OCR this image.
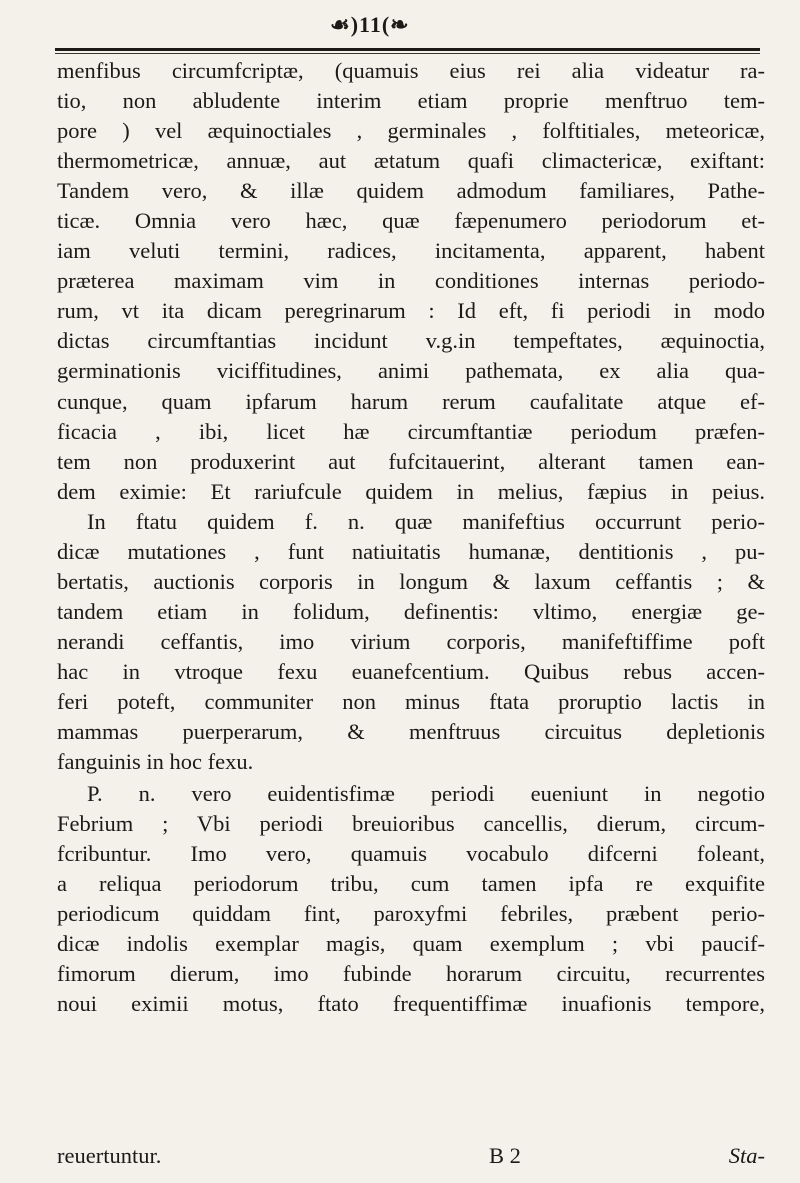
☙)11(❧
menfibus circumfcriptæ, (quamuis eius rei alia videatur ra-
tio, non abludente interim etiam proprie menftruo tem-
pore ) vel æquinoctiales , germinales , folftitiales, meteoricæ,
thermometricæ, annuæ, aut ætatum quafi climactericæ, exiftant:
Tandem vero, & illæ quidem admodum familiares, Pathe-
ticæ. Omnia vero hæc, quæ fæpenumero periodorum et-
iam veluti termini, radices, incitamenta, apparent, habent
præterea maximam vim in conditiones internas periodo-
rum, vt ita dicam peregrinarum : Id eft, fi periodi in modo
dictas circumftantias incidunt v.g.in tempeftates, æquinoctia,
germinationis viciffitudines, animi pathemata, ex alia qua-
cunque, quam ipfarum harum rerum caufalitate atque ef-
ficacia , ibi, licet hæ circumftantiæ periodum præfen-
tem non produxerint aut fufcitauerint, alterant tamen ean-
dem eximie: Et rariufcule quidem in melius, fæpius in peius.
In ftatu quidem f. n. quæ manifeftius occurrunt perio-
dicæ mutationes , funt natiuitatis humanæ, dentitionis , pu-
bertatis, auctionis corporis in longum & laxum ceffantis ; &
tandem etiam in folidum, definentis: vltimo, energiæ ge-
nerandi ceffantis, imo virium corporis, manifeftiffime poft
hac in vtroque fexu euanefcentium. Quibus rebus accen-
feri poteft, communiter non minus ftata proruptio lactis in
mammas puerperarum, & menftruus circuitus depletionis
fanguinis in hoc fexu.
P. n. vero euidentisfimæ periodi eueniunt in negotio
Febrium ; Vbi periodi breuioribus cancellis, dierum, circum-
fcribuntur. Imo vero, quamuis vocabulo difcerni foleant,
a reliqua periodorum tribu, cum tamen ipfa re exquifite
periodicum quiddam fint, paroxyfmi febriles, præbent perio-
dicæ indolis exemplar magis, quam exemplum ; vbi paucif-
fimorum dierum, imo fubinde horarum circuitu, recurrentes
noui eximii motus, ftato frequentiffimæ inuafionis tempore,
reuertuntur.	B 2	Sta-
